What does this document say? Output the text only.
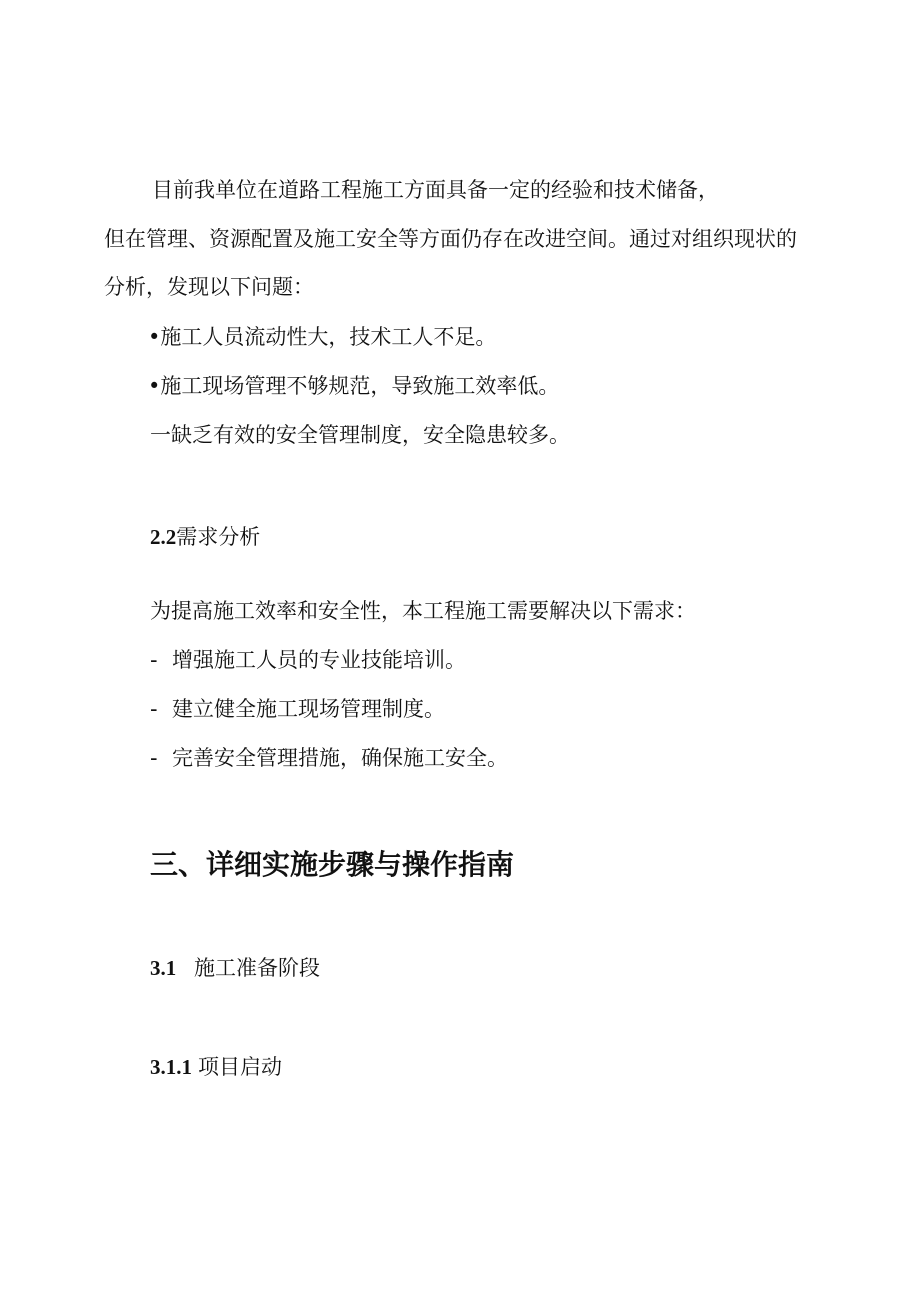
目前我单位在道路工程施工方面具备一定的经验和技术储备，
但在管理、资源配置及施工安全等方面仍存在改进空间。通过对组织现状的
分析，发现以下问题：
•施工人员流动性大，技术工人不足。
•施工现场管理不够规范，导致施工效率低。
一缺乏有效的安全管理制度，安全隐患较多。
2.2需求分析
为提高施工效率和安全性，本工程施工需要解决以下需求：
- 增强施工人员的专业技能培训。
- 建立健全施工现场管理制度。
- 完善安全管理措施，确保施工安全。
三、详细实施步骤与操作指南
3.1 施工准备阶段
3.1.1 项目启动
